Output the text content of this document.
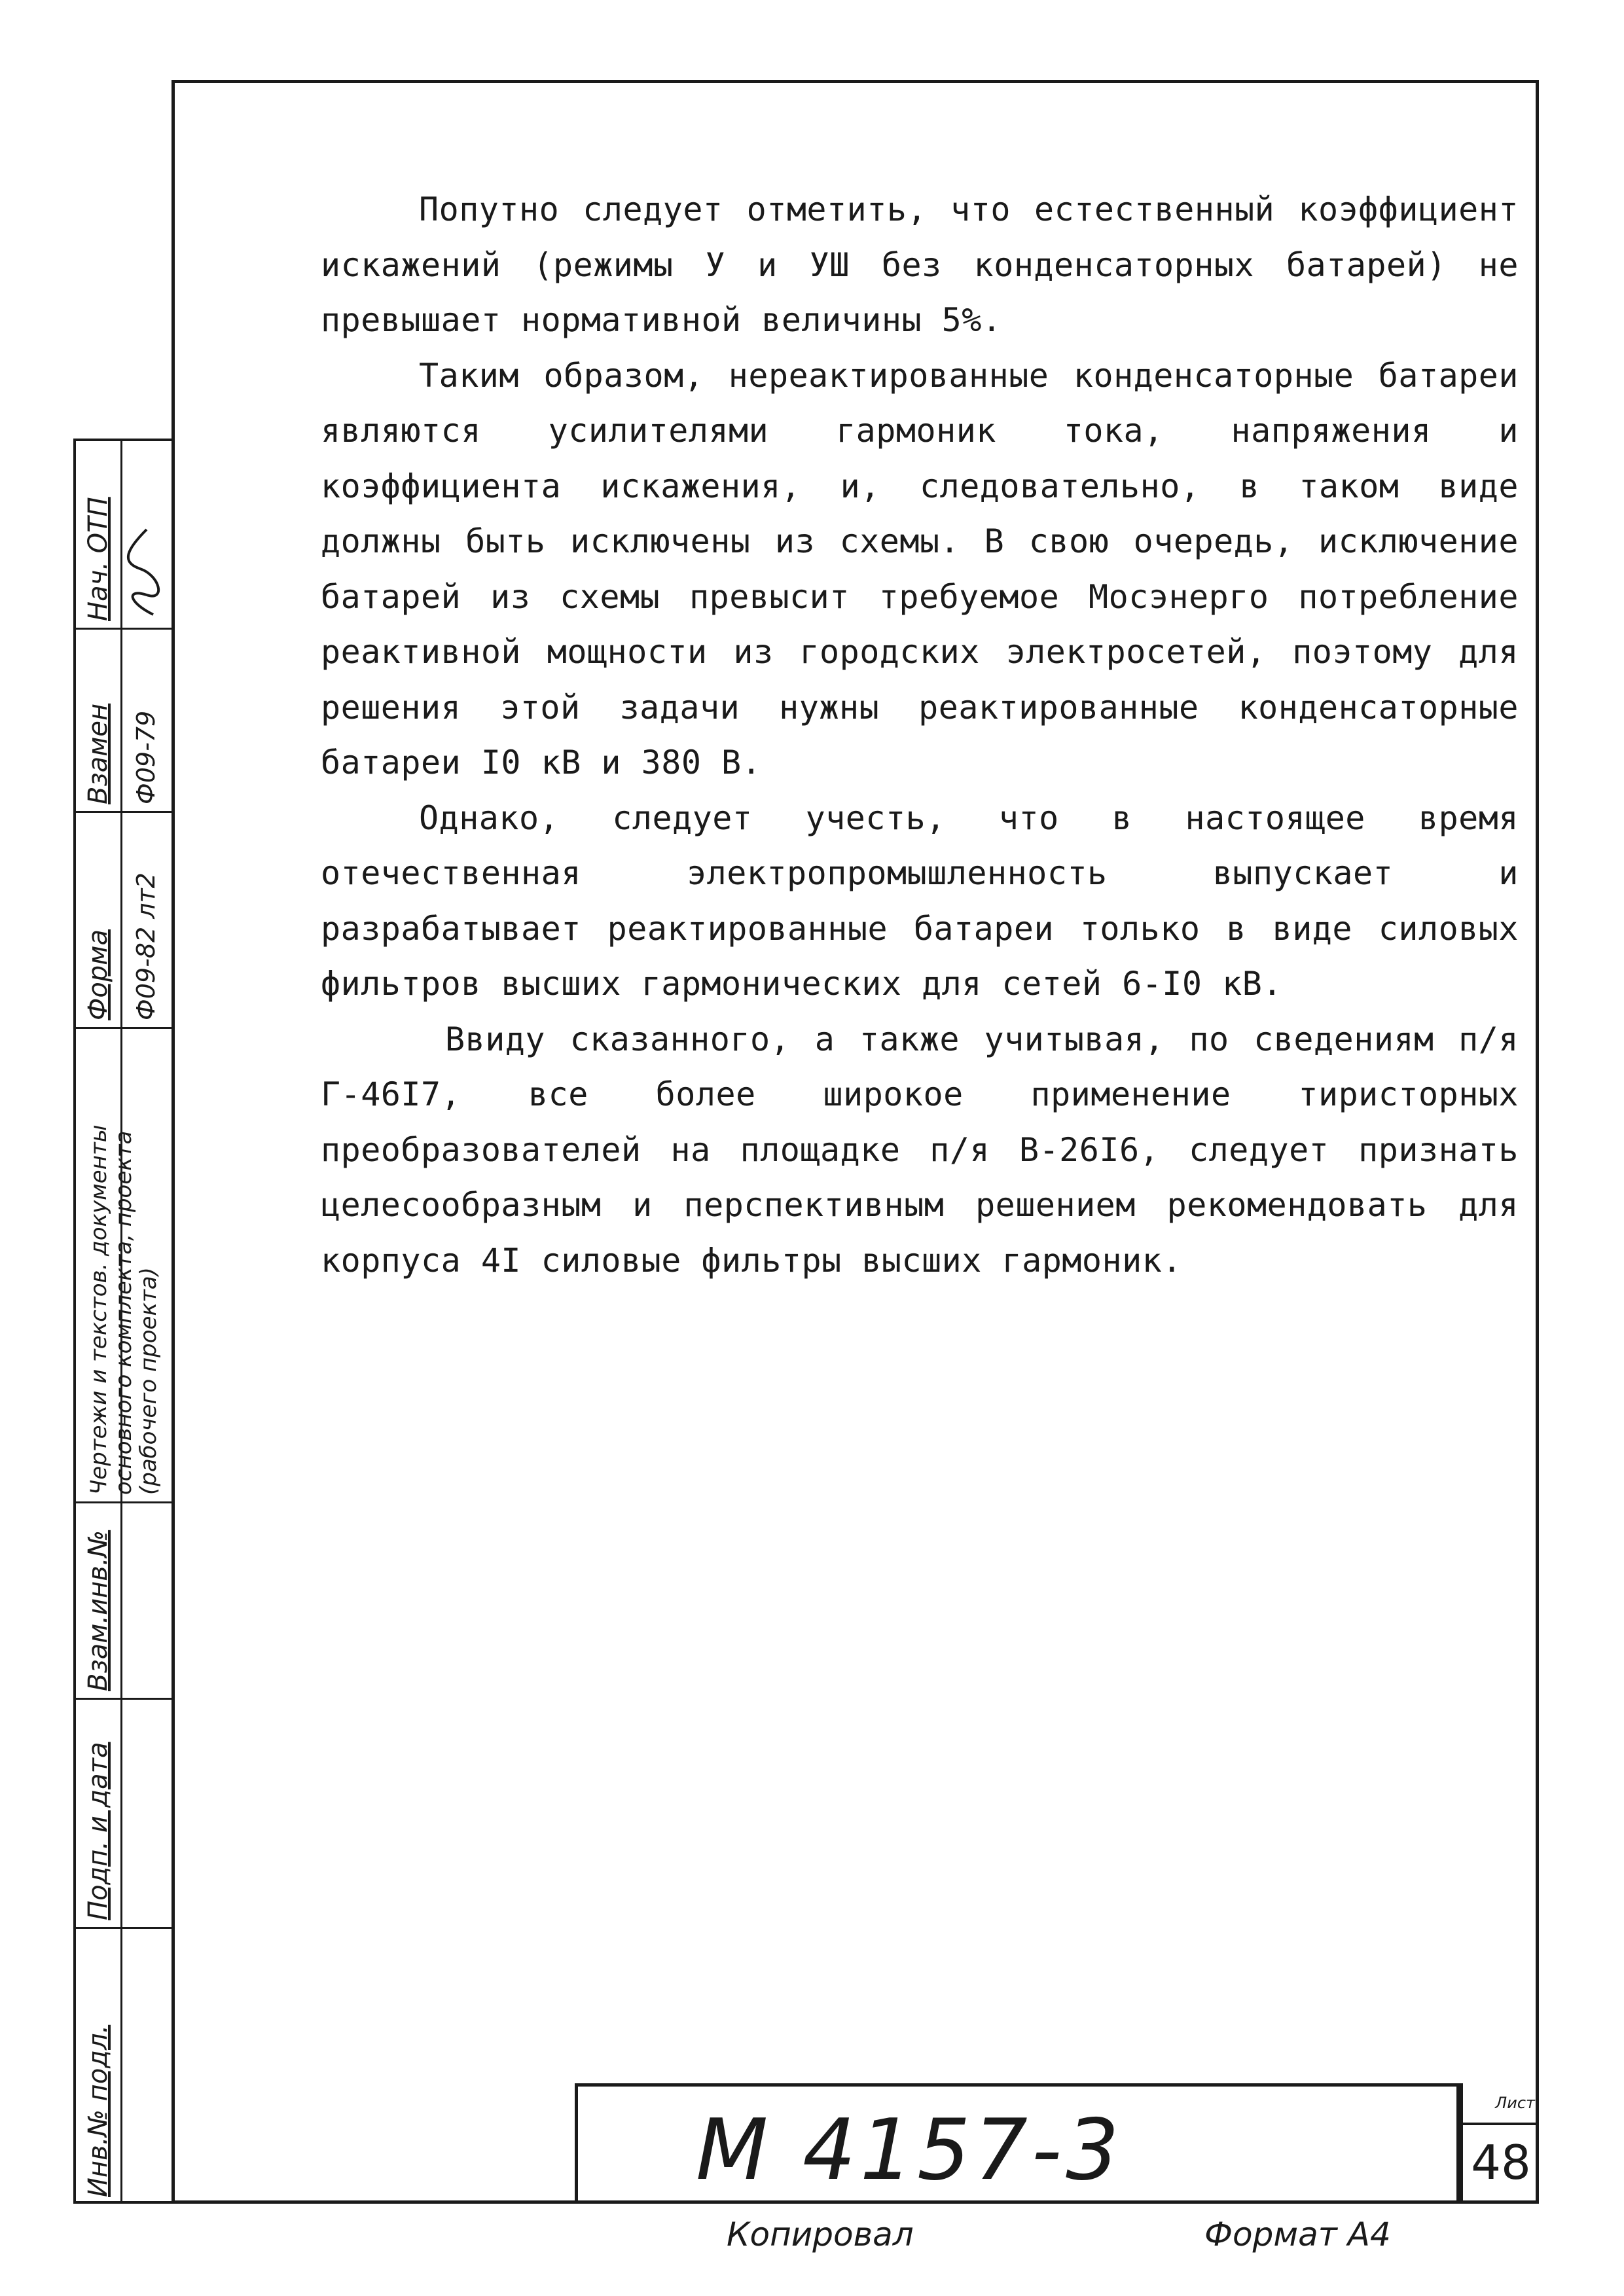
Попутно следует отметить, что естественный коэффициент искажений (режимы У и УШ без конденсаторных батарей) не превышает нормативной величины 5%.

Таким образом, нереактированные конденсаторные батареи являются усилителями гармоник тока, напряжения и коэффициента искажения, и, следовательно, в таком виде должны быть исключены из схемы. В свою очередь, исключение батарей из схемы превысит требуемое Мосэнерго потребление реактивной мощности из городских электросетей, поэтому для решения этой задачи нужны реактированные конденсаторные батареи I0 кВ и 380 В.

Однако, следует учесть, что в настоящее время отечественная электропромышленность выпускает и разрабатывает реактированные батареи только в виде силовых фильтров высших гармонических для сетей 6-I0 кВ.

Ввиду сказанного, а также учитывая, по сведениям п/я Г-46I7, все более широкое применение тиристорных преобразователей на площадке п/я В-26I6, следует признать целесообразным и перспективным решением рекомендовать для корпуса 4I силовые фильтры высших гармоник.

Нач. ОТП
Взамен Ф09-79
Форма Ф09-82 лт2
Чертежи и текстов. документы основного комплекта, проекта (рабочего проекта)
Взам.инв.№
Подп. и дата
Инв.№ подл.	М 4157-3	Лист
48
Копировал	Формат А4
